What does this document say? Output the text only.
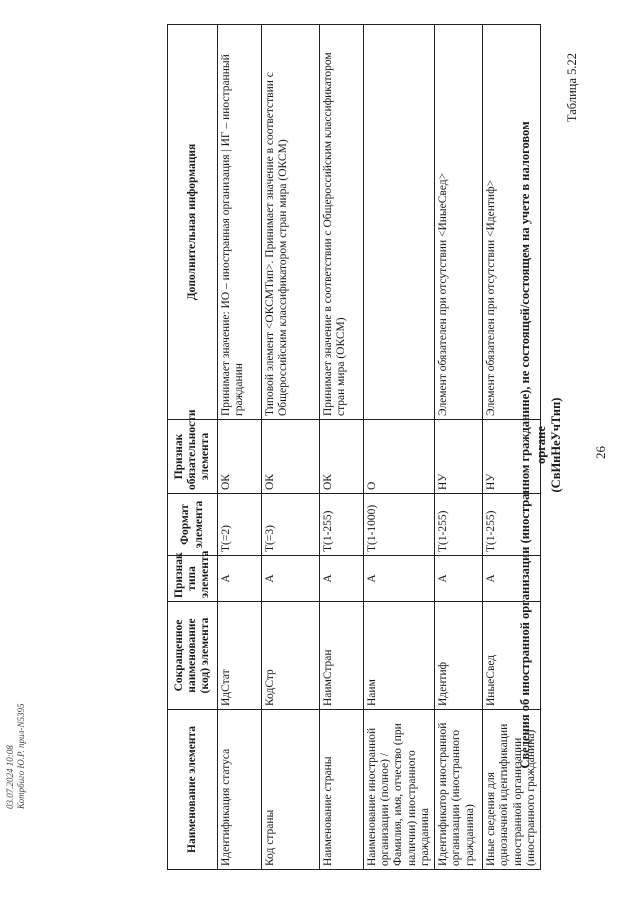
26
Таблица 5.22
Сведения об иностранной организации (иностранном гражданине), не состоящей/состоящем на учете в налоговом органе (СвИнНеУчТип)
Наименование элемента	Сокращенное наименование (код) элемента	Признак типа элемента	Формат элемента	Признак обязательности элемента	Дополнительная информация
Идентификация статуса	ИдСтат	А	T(=2)	ОК	Принимает значение: ИО – иностранная организация | ИГ – иностранный гражданин
Код страны	КодСтр	А	T(=3)	ОК	Типовой элемент <ОКСМТип>. Принимает значение в соответствии с Общероссийским классификатором стран мира (ОКСМ)
Наименование страны	НаимСтран	А	T(1-255)	ОК	Принимает значение в соответствии с Общероссийским классификатором стран мира (ОКСМ)
Наименование иностранной организации (полное) / Фамилия, имя, отчество (при наличии) иностранного гражданина	Наим	А	T(1-1000)	О	
Идентификатор иностранной организации (иностранного гражданина)	Идентиф	А	T(1-255)	НУ	Элемент обязателен при отсутствии <ИныеСвед>
Иные сведения для однозначной идентификации иностранной организации (иностранного гражданина)	ИныеСвед	А	T(1-255)	НУ	Элемент обязателен при отсутствии <Идентиф>
03.07.2024 10:08 Котрбиго Ю.Р. прил-N5395
